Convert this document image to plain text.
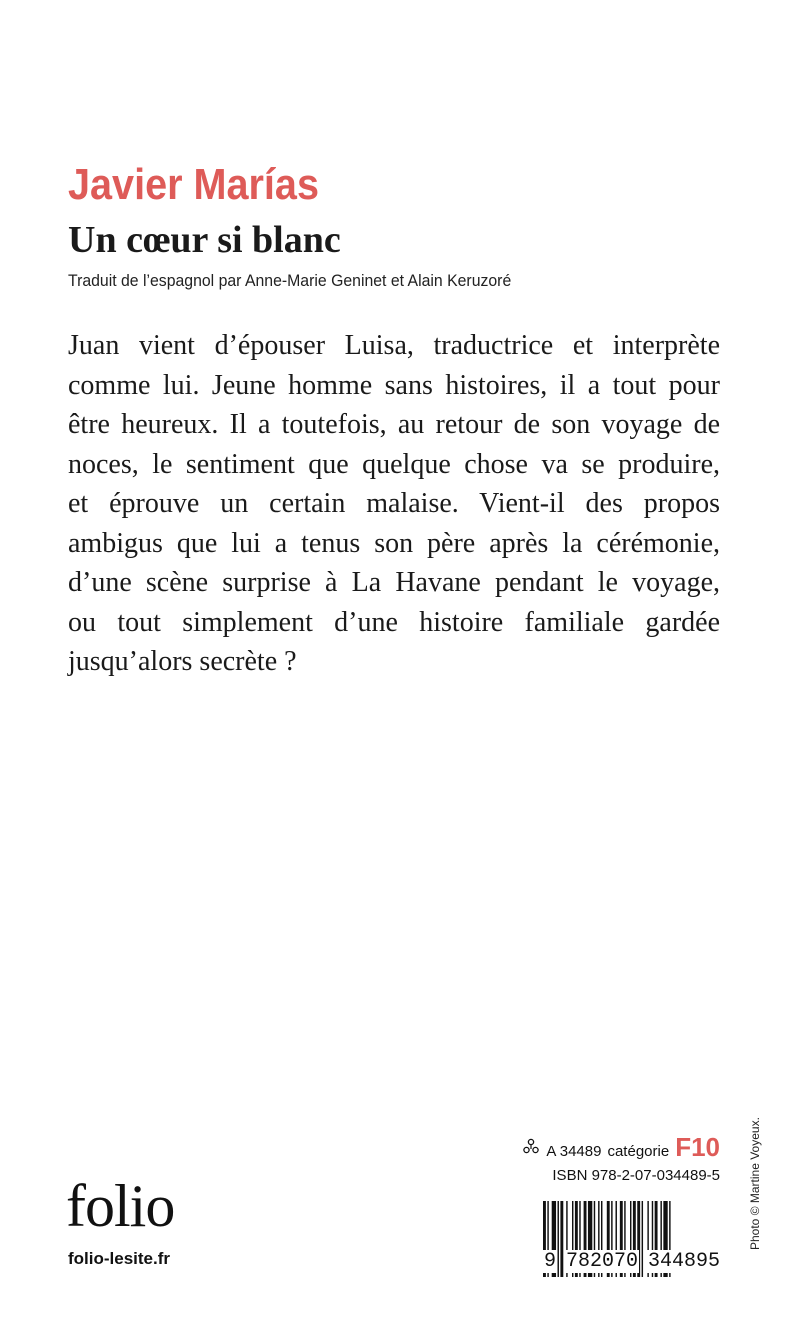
Javier Marías
Un cœur si blanc
Traduit de l’espagnol par Anne-Marie Geninet et Alain Keruzoré

Juan vient d’épouser Luisa, traductrice et interprète
comme lui. Jeune homme sans histoires, il a tout pour
être heureux. Il a toutefois, au retour de son voyage de
noces, le sentiment que quelque chose va se produire,
et éprouve un certain malaise. Vient-il des propos
ambigus que lui a tenus son père après la cérémonie,
d’une scène surprise à La Havane pendant le voyage,
ou tout simplement d’une histoire familiale gardée
jusqu’alors secrète ?

A 34489 catégorie F10
ISBN 978-2-07-034489-5
9 782070 344895
folio
folio-lesite.fr
Photo © Martine Voyeux.
